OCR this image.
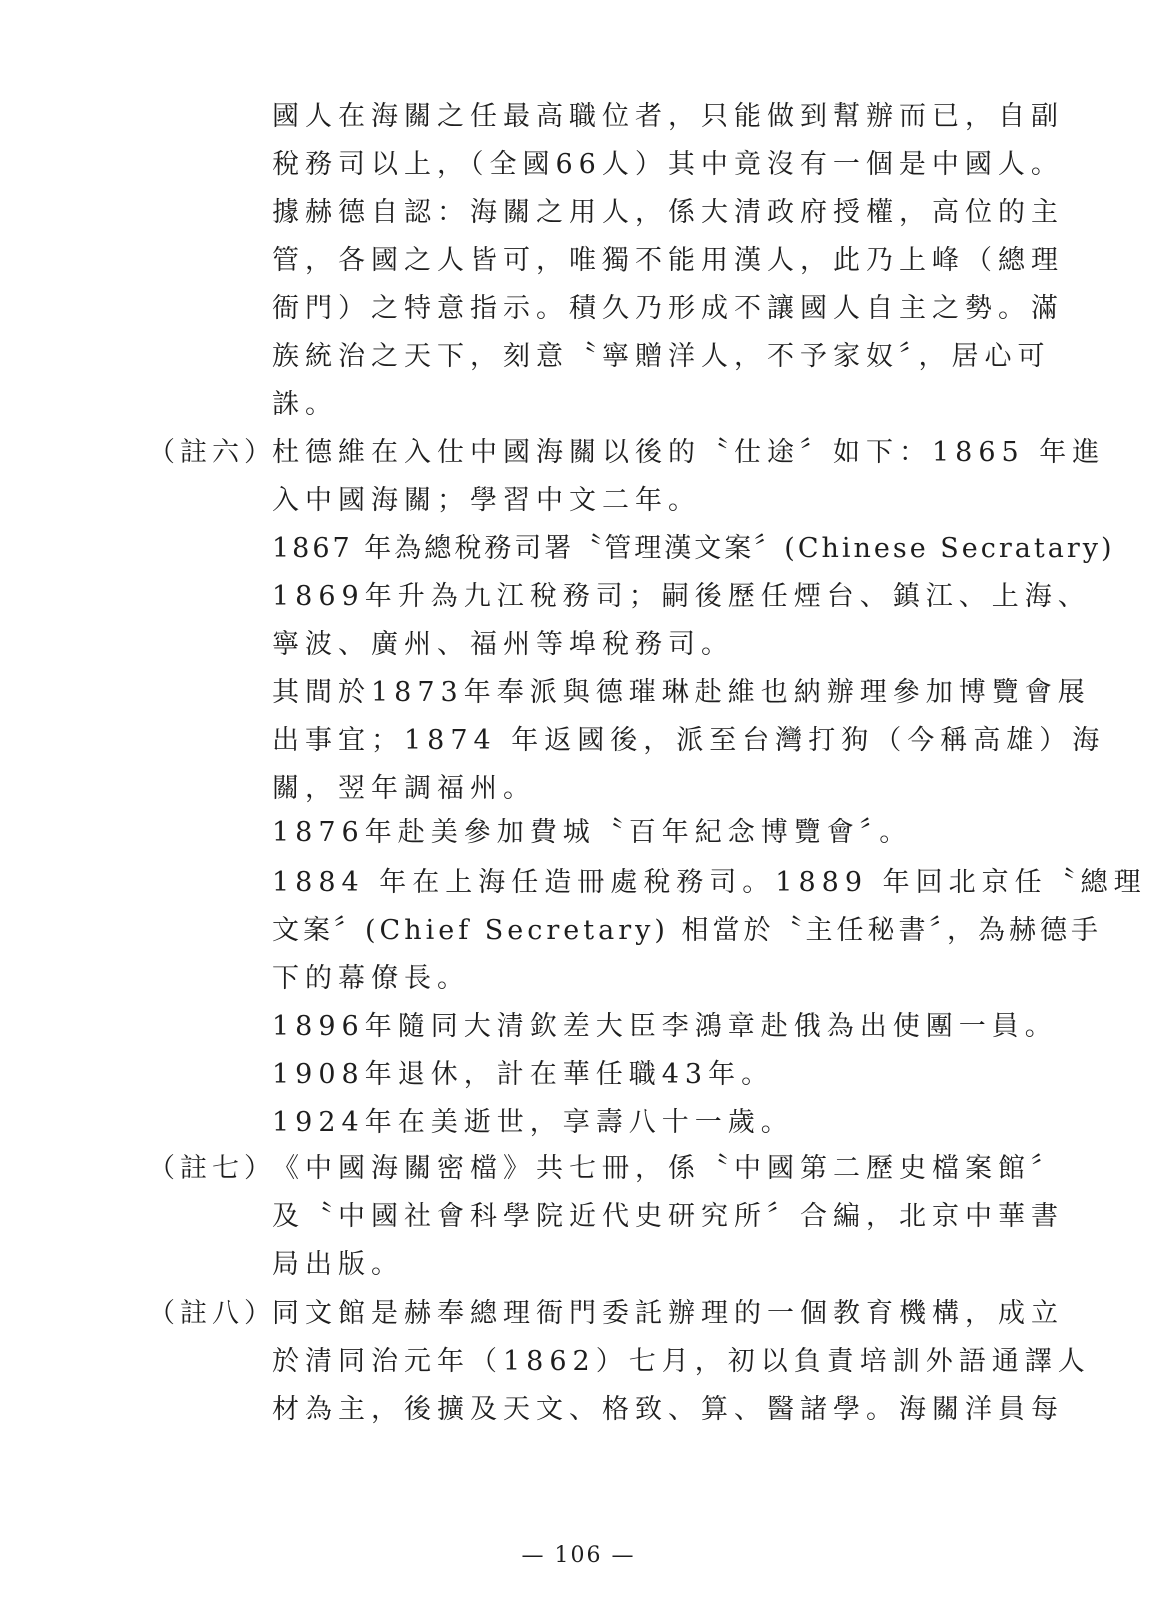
國人在海關之任最高職位者，只能做到幫辦而已，自副
稅務司以上，（全國66人）其中竟沒有一個是中國人。
據赫德自認：海關之用人，係大清政府授權，高位的主
管，各國之人皆可，唯獨不能用漢人，此乃上峰（總理
衙門）之特意指示。積久乃形成不讓國人自主之勢。滿
族統治之天下，刻意〝寧贈洋人，不予家奴〞，居心可
誅。
（註六）
杜德維在入仕中國海關以後的〝仕途〞如下：1865 年進
入中國海關；學習中文二年。
1867 年為總稅務司署〝管理漢文案〞(Chinese Secratary)
1869年升為九江稅務司；嗣後歷任煙台、鎮江、上海、
寧波、廣州、福州等埠稅務司。
其間於1873年奉派與德璀琳赴維也納辦理參加博覽會展
出事宜；1874 年返國後，派至台灣打狗（今稱高雄）海
關，翌年調福州。
1876年赴美參加費城〝百年紀念博覽會〞。
1884 年在上海任造冊處稅務司。1889 年回北京任〝總理
文案〞(Chief Secretary) 相當於〝主任秘書〞，為赫德手
下的幕僚長。
1896年隨同大清欽差大臣李鴻章赴俄為出使團一員。
1908年退休，計在華任職43年。
1924年在美逝世，享壽八十一歲。
（註七）
《中國海關密檔》共七冊，係〝中國第二歷史檔案館〞
及〝中國社會科學院近代史研究所〞合編，北京中華書
局出版。
（註八）
同文館是赫奉總理衙門委託辦理的一個教育機構，成立
於清同治元年（1862）七月，初以負責培訓外語通譯人
材為主，後擴及天文、格致、算、醫諸學。海關洋員每
— 106 —
